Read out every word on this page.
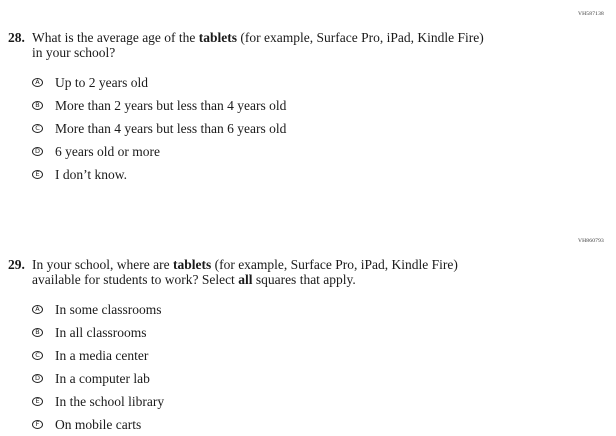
VH587138
28. What is the average age of the tablets (for example, Surface Pro, iPad, Kindle Fire)
in your school?
A Up to 2 years old
B More than 2 years but less than 4 years old
C More than 4 years but less than 6 years old
D 6 years old or more
E I don’t know.
VH860793
29. In your school, where are tablets (for example, Surface Pro, iPad, Kindle Fire)
available for students to work? Select all squares that apply.
A In some classrooms
B In all classrooms
C In a media center
D In a computer lab
E In the school library
F On mobile carts
